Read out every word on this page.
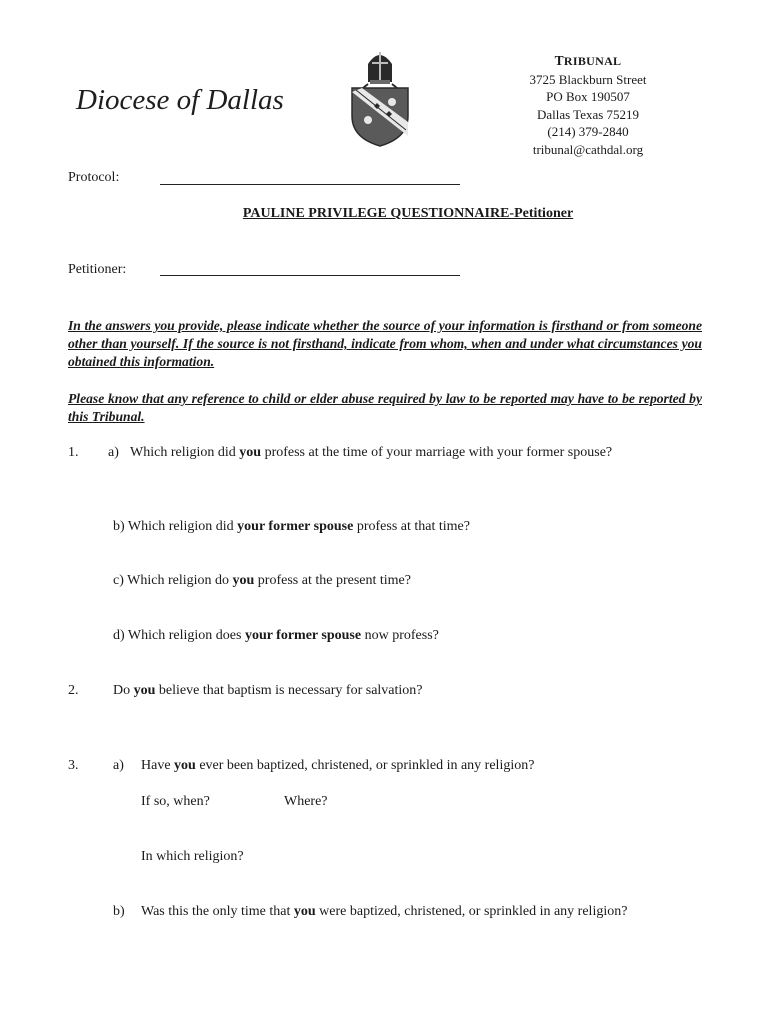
Diocese of Dallas
TRIBUNAL
3725 Blackburn Street
PO Box 190507
Dallas Texas 75219
(214) 379-2840
tribunal@cathdal.org
Protocol:
PAULINE PRIVILEGE QUESTIONNAIRE-Petitioner
Petitioner:
In the answers you provide, please indicate whether the source of your information is firsthand or from someone other than yourself. If the source is not firsthand, indicate from whom, when and under what circumstances you obtained this information.
Please know that any reference to child or elder abuse required by law to be reported may have to be reported by this Tribunal.
1. a) Which religion did you profess at the time of your marriage with your former spouse?
b) Which religion did your former spouse profess at that time?
c) Which religion do you profess at the present time?
d) Which religion does your former spouse now profess?
2. Do you believe that baptism is necessary for salvation?
3. a) Have you ever been baptized, christened, or sprinkled in any religion?
If so, when?	Where?
In which religion?
b) Was this the only time that you were baptized, christened, or sprinkled in any religion?
